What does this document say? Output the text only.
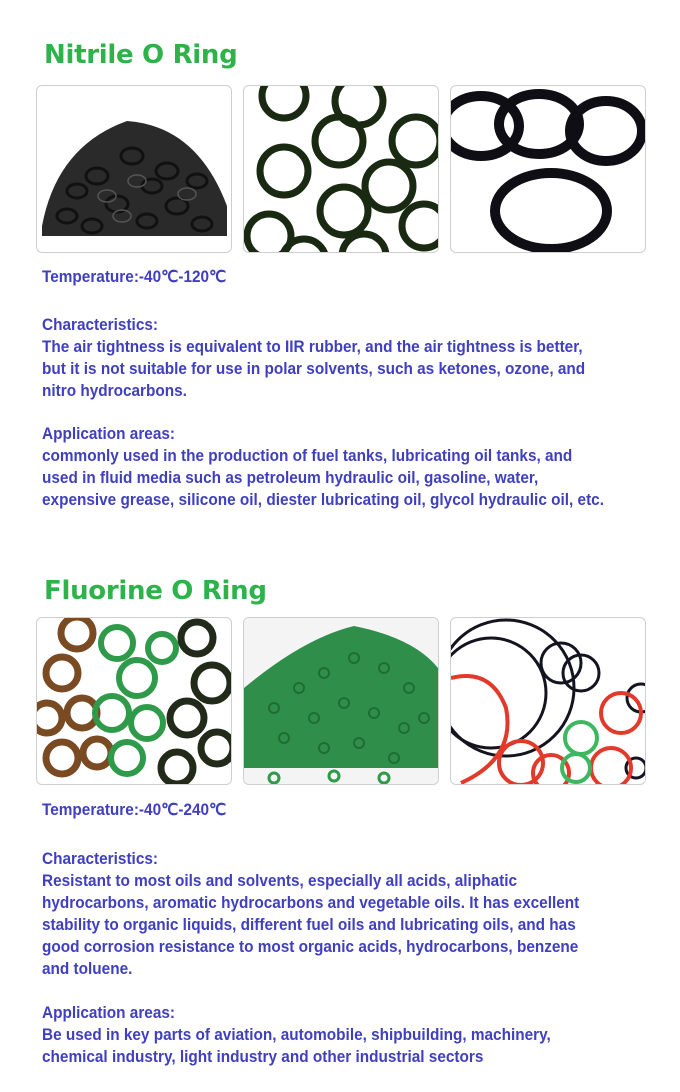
Nitrile O Ring

Temperature:-40℃-120℃

Characteristics:

The air tightness is equivalent to IIR rubber, and the air tightness is better, but it is not suitable for use in polar solvents, such as ketones, ozone, and nitro hydrocarbons.

Application areas:

commonly used in the production of fuel tanks, lubricating oil tanks, and used in fluid media such as petroleum hydraulic oil, gasoline, water, expensive grease, silicone oil, diester lubricating oil, glycol hydraulic oil, etc.

Fluorine O Ring

Temperature:-40℃-240℃

Characteristics:

Resistant to most oils and solvents, especially all acids, aliphatic hydrocarbons, aromatic hydrocarbons and vegetable oils. It has excellent stability to organic liquids, different fuel oils and lubricating oils, and has good corrosion resistance to most organic acids, hydrocarbons, benzene and toluene.

Application areas:

Be used in key parts of aviation, automobile, shipbuilding, machinery, chemical industry, light industry and other industrial sectors
